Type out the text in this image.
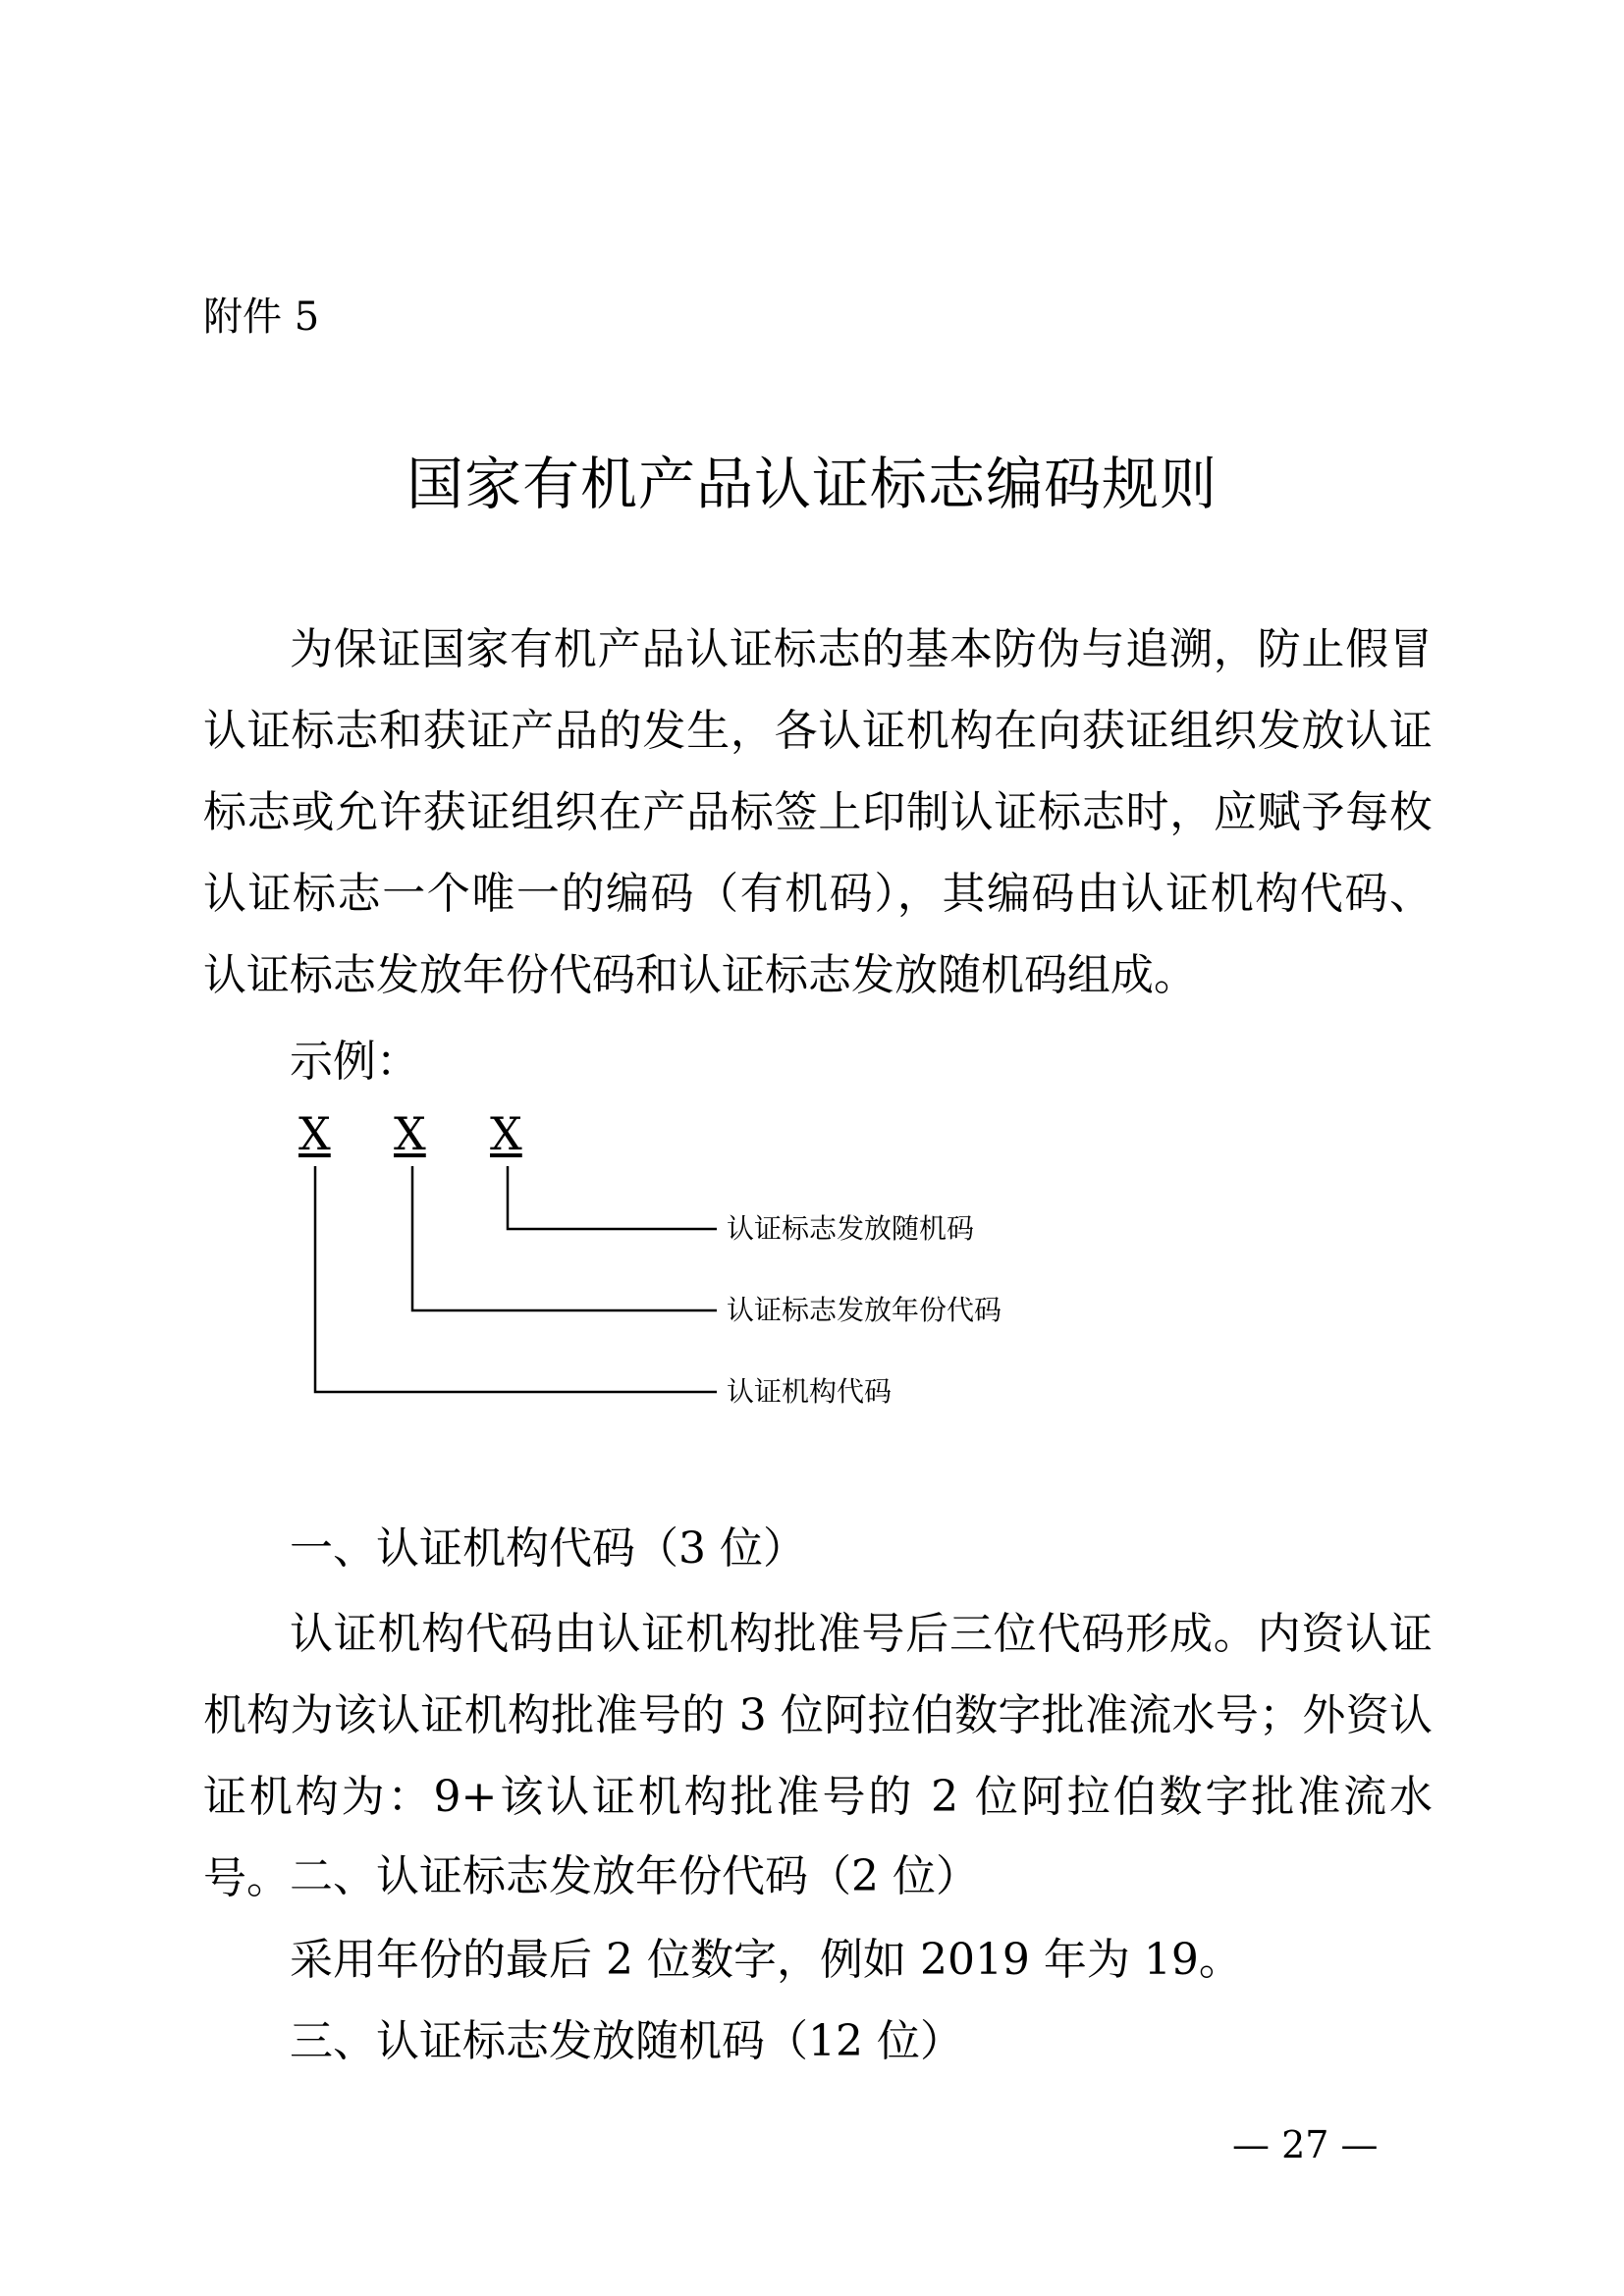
附件 5
国家有机产品认证标志编码规则

为保证国家有机产品认证标志的基本防伪与追溯，防止假冒认证标志和获证产品的发生，各认证机构在向获证组织发放认证标志或允许获证组织在产品标签上印制认证标志时，应赋予每枚认证标志一个唯一的编码（有机码），其编码由认证机构代码、认证标志发放年份代码和认证标志发放随机码组成。

示例：

X X X
认证标志发放随机码
认证标志发放年份代码
认证机构代码

一、认证机构代码（3 位）

认证机构代码由认证机构批准号后三位代码形成。内资认证机构为该认证机构批准号的 3 位阿拉伯数字批准流水号；外资认证机构为：9+该认证机构批准号的 2 位阿拉伯数字批准流水号。 二、认证标志发放年份代码（2 位）

采用年份的最后 2 位数字，例如 2019 年为 19。

三、认证标志发放随机码（12 位）

— 27 —
